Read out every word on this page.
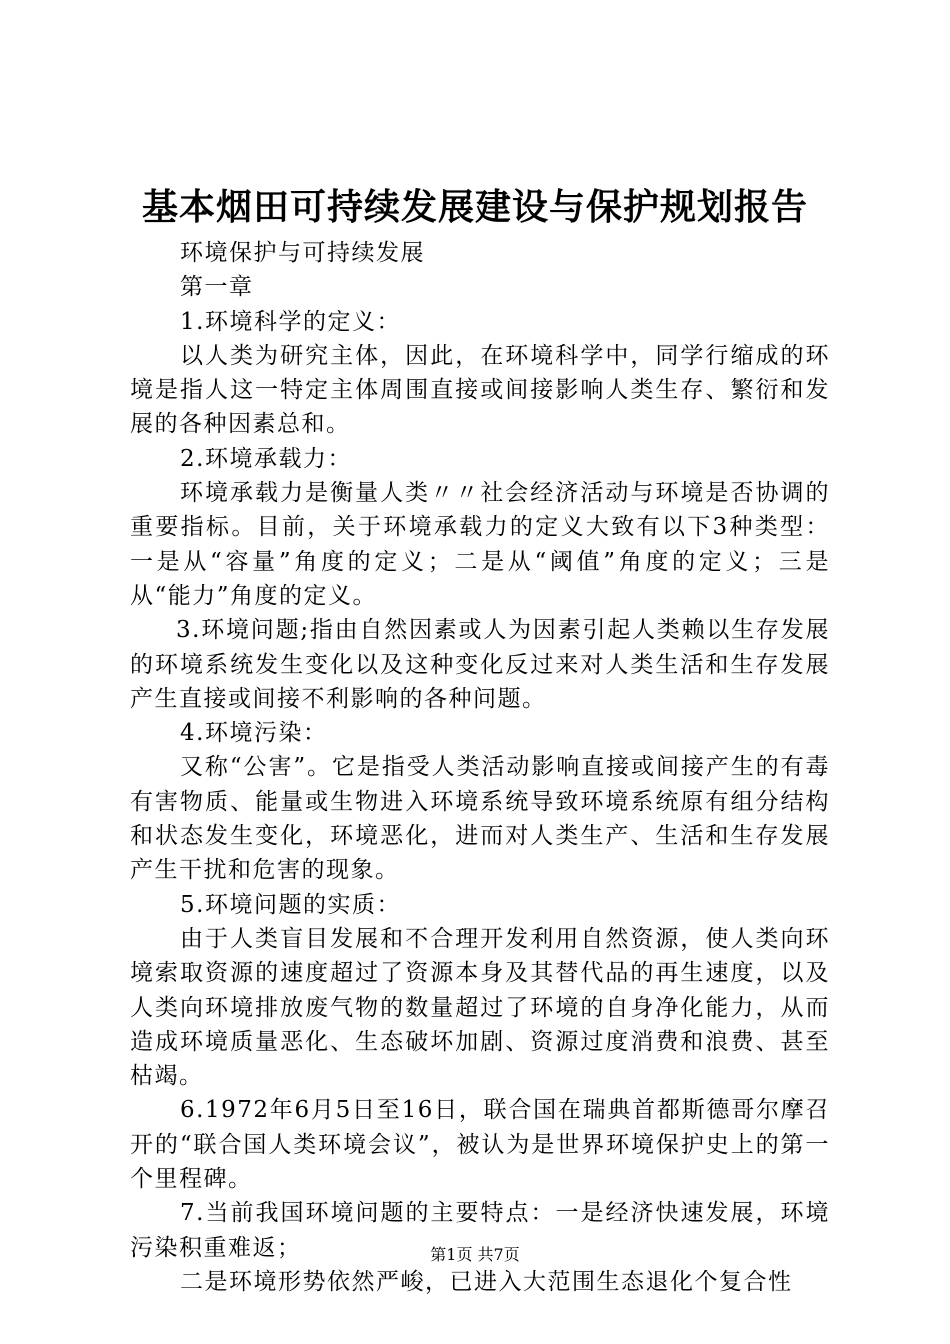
基本烟田可持续发展建设与保护规划报告

环境保护与可持续发展

第一章

1.环境科学的定义：

以人类为研究主体，因此，在环境科学中，同学行缩成的环境是指人这一特定主体周围直接或间接影响人类生存、繁衍和发展的各种因素总和。

2.环境承载力：

环境承载力是衡量人类〃〃社会经济活动与环境是否协调的重要指标。目前，关于环境承载力的定义大致有以下3种类型：一是从“容量”角度的定义；二是从“阈值”角度的定义；三是从“能力”角度的定义。

3.环境问题;指由自然因素或人为因素引起人类赖以生存发展的环境系统发生变化以及这种变化反过来对人类生活和生存发展产生直接或间接不利影响的各种问题。

4.环境污染：

又称“公害”。它是指受人类活动影响直接或间接产生的有毒有害物质、能量或生物进入环境系统导致环境系统原有组分结构和状态发生变化，环境恶化，进而对人类生产、生活和生存发展产生干扰和危害的现象。

5.环境问题的实质：

由于人类盲目发展和不合理开发利用自然资源，使人类向环境索取资源的速度超过了资源本身及其替代品的再生速度，以及人类向环境排放废气物的数量超过了环境的自身净化能力，从而造成环境质量恶化、生态破坏加剧、资源过度消费和浪费、甚至枯竭。

6.1972年6月5日至16日，联合国在瑞典首都斯德哥尔摩召开的“联合国人类环境会议”，被认为是世界环境保护史上的第一个里程碑。

7.当前我国环境问题的主要特点：一是经济快速发展，环境污染积重难返；

二是环境形势依然严峻，已进入大范围生态退化个复合性

第1页 共7页
